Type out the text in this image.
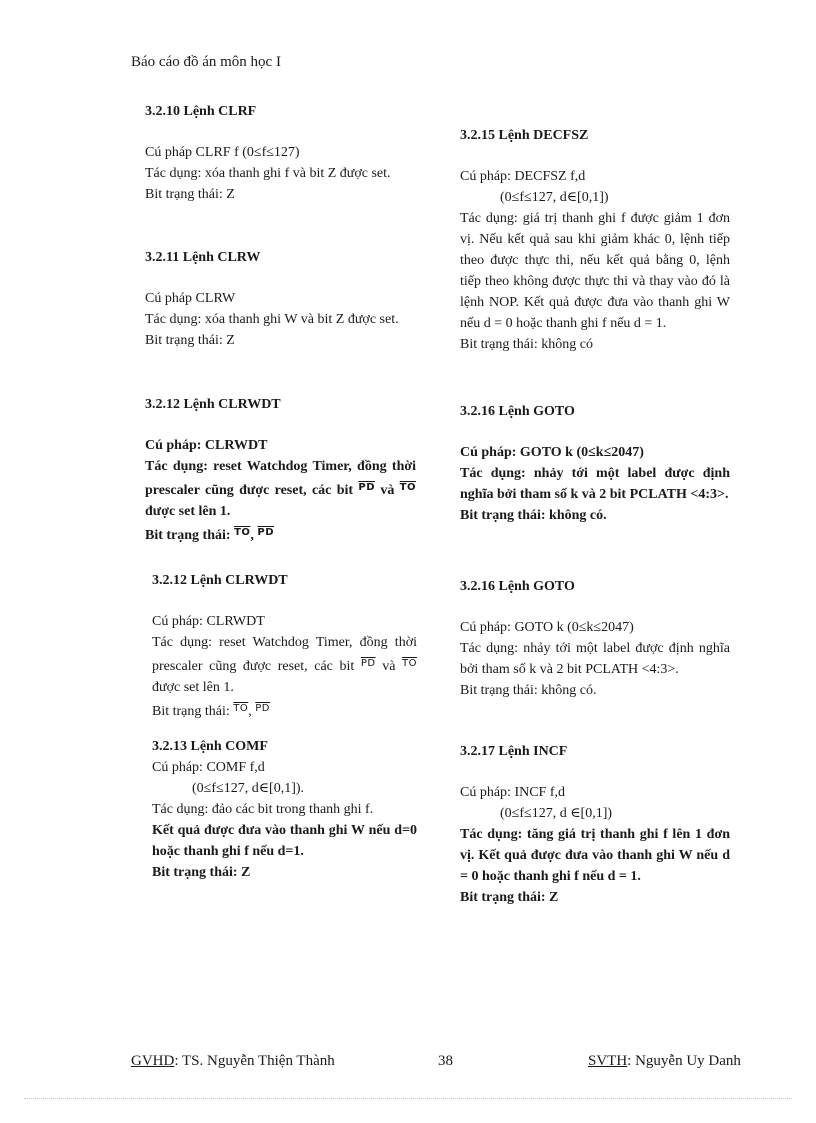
Báo cáo đồ án môn học I
3.2.10 Lệnh CLRF

Cú pháp CLRF f (0≤f≤127)

Tác dụng: xóa thanh ghi f và bit Z được set.

Bit trạng thái: Z

3.2.11 Lệnh CLRW

Cú pháp CLRW

Tác dụng: xóa thanh ghi W và bit Z được set.

Bit trạng thái: Z

3.2.12 Lệnh CLRWDT

Cú pháp: CLRWDT

Tác dụng: reset Watchdog Timer, đồng thời prescaler cũng được reset, các bit $^{\overline{PD}}$ và $^{\overline{TO}}$ được set lên 1.

Bit trạng thái: $^{\overline{TO}}$, $^{\overline{PD}}$

3.2.12 Lệnh CLRWDT

Cú pháp: CLRWDT

Tác dụng: reset Watchdog Timer, đồng thời prescaler cũng được reset, các bit $^{\overline{PD}}$ và $^{\overline{TO}}$ được set lên 1.

Bit trạng thái: $^{\overline{TO}}$, $^{\overline{PD}}$

3.2.13 Lệnh COMF

Cú pháp: COMF f,d

(0≤f≤127, d∈[0,1]).

Tác dụng: đảo các bit trong thanh ghi f.

Kết quả được đưa vào thanh ghi W nếu d=0 hoặc thanh ghi f nếu d=1.

Bit trạng thái: Z

3.2.15 Lệnh DECFSZ

Cú pháp: DECFSZ f,d

(0≤f≤127, d∈[0,1])

Tác dụng: giá trị thanh ghi f được giảm 1 đơn vị. Nếu kết quả sau khi giảm khác 0, lệnh tiếp theo được thực thi, nếu kết quả bằng 0, lệnh tiếp theo không được thực thi và thay vào đó là lệnh NOP. Kết quả được đưa vào thanh ghi W nếu d = 0 hoặc thanh ghi f nếu d = 1.

Bit trạng thái: không có

3.2.16 Lệnh GOTO

Cú pháp: GOTO k (0≤k≤2047)

Tác dụng: nhảy tới một label được định nghĩa bởi tham số k và 2 bit PCLATH <4:3>.

Bit trạng thái: không có.

3.2.16 Lệnh GOTO

Cú pháp: GOTO k (0≤k≤2047)

Tác dụng: nhảy tới một label được định nghĩa bởi tham số k và 2 bit PCLATH <4:3>.

Bit trạng thái: không có.

3.2.17 Lệnh INCF

Cú pháp: INCF f,d

(0≤f≤127, d ∈[0,1])

Tác dụng: tăng giá trị thanh ghi f lên 1 đơn vị. Kết quả được đưa vào thanh ghi W nếu d = 0 hoặc thanh ghi f nếu d = 1.

Bit trạng thái: Z

GVHD: TS. Nguyễn Thiện Thành	38	SVTH: Nguyễn Uy Danh
